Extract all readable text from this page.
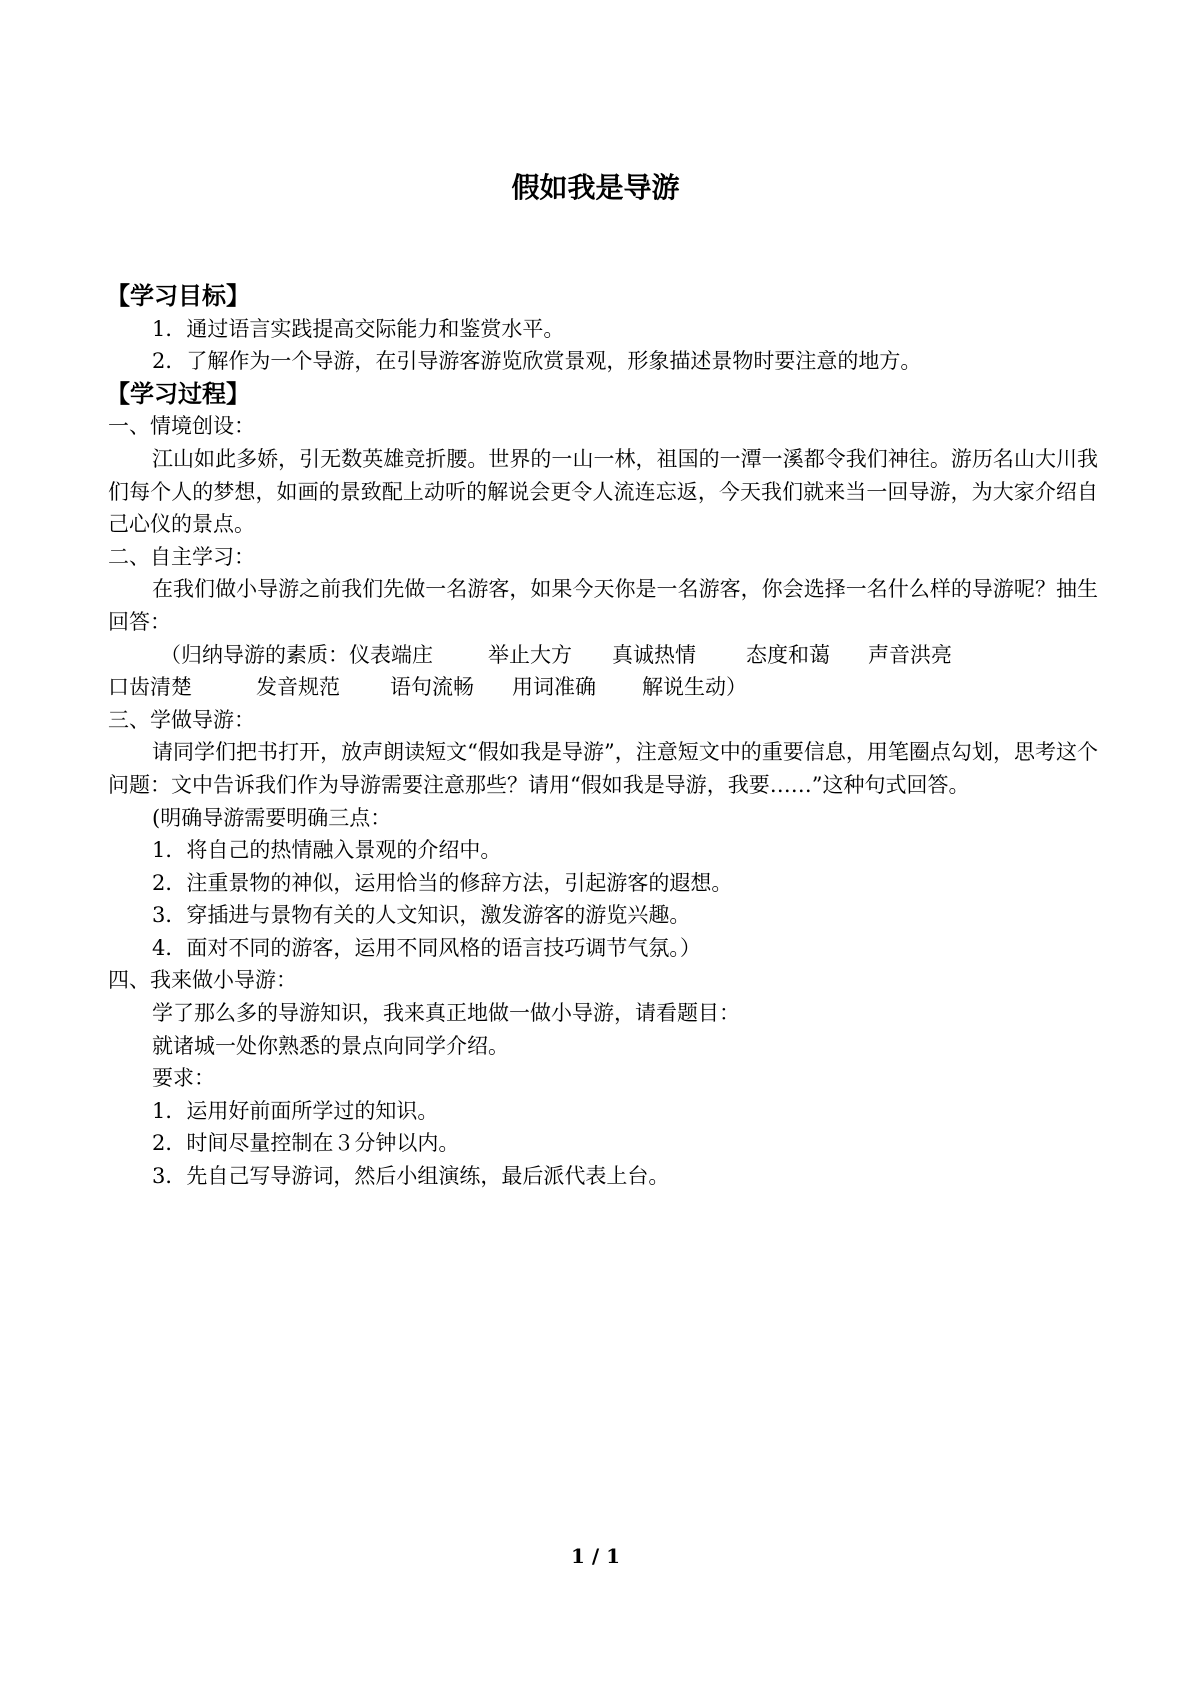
假如我是导游
【学习目标】
1．通过语言实践提高交际能力和鉴赏水平。
2．了解作为一个导游，在引导游客游览欣赏景观，形象描述景物时要注意的地方。
【学习过程】
一、情境创设：
江山如此多娇，引无数英雄竞折腰。世界的一山一林，祖国的一潭一溪都令我们神往。游历名山大川我们每个人的梦想，如画的景致配上动听的解说会更令人流连忘返，今天我们就来当一回导游，为大家介绍自己心仪的景点。
二、自主学习：
在我们做小导游之前我们先做一名游客，如果今天你是一名游客，你会选择一名什么样的导游呢？抽生回答：
（归纳导游的素质：仪表端庄	举止大方 真诚热情 态度和蔼 声音洪亮
口齿清楚	发音规范 语句流畅 用词准确 解说生动）
三、学做导游：
请同学们把书打开，放声朗读短文“假如我是导游”，注意短文中的重要信息，用笔圈点勾划，思考这个问题：文中告诉我们作为导游需要注意那些？请用“假如我是导游，我要……”这种句式回答。
(明确导游需要明确三点：
1．将自己的热情融入景观的介绍中。
2．注重景物的神似，运用恰当的修辞方法，引起游客的遐想。
3．穿插进与景物有关的人文知识，激发游客的游览兴趣。
4．面对不同的游客，运用不同风格的语言技巧调节气氛。）
四、我来做小导游：
学了那么多的导游知识，我来真正地做一做小导游，请看题目：
就诸城一处你熟悉的景点向同学介绍。
要求：
1．运用好前面所学过的知识。
2．时间尽量控制在３分钟以内。
3．先自己写导游词，然后小组演练，最后派代表上台。
1 / 1
